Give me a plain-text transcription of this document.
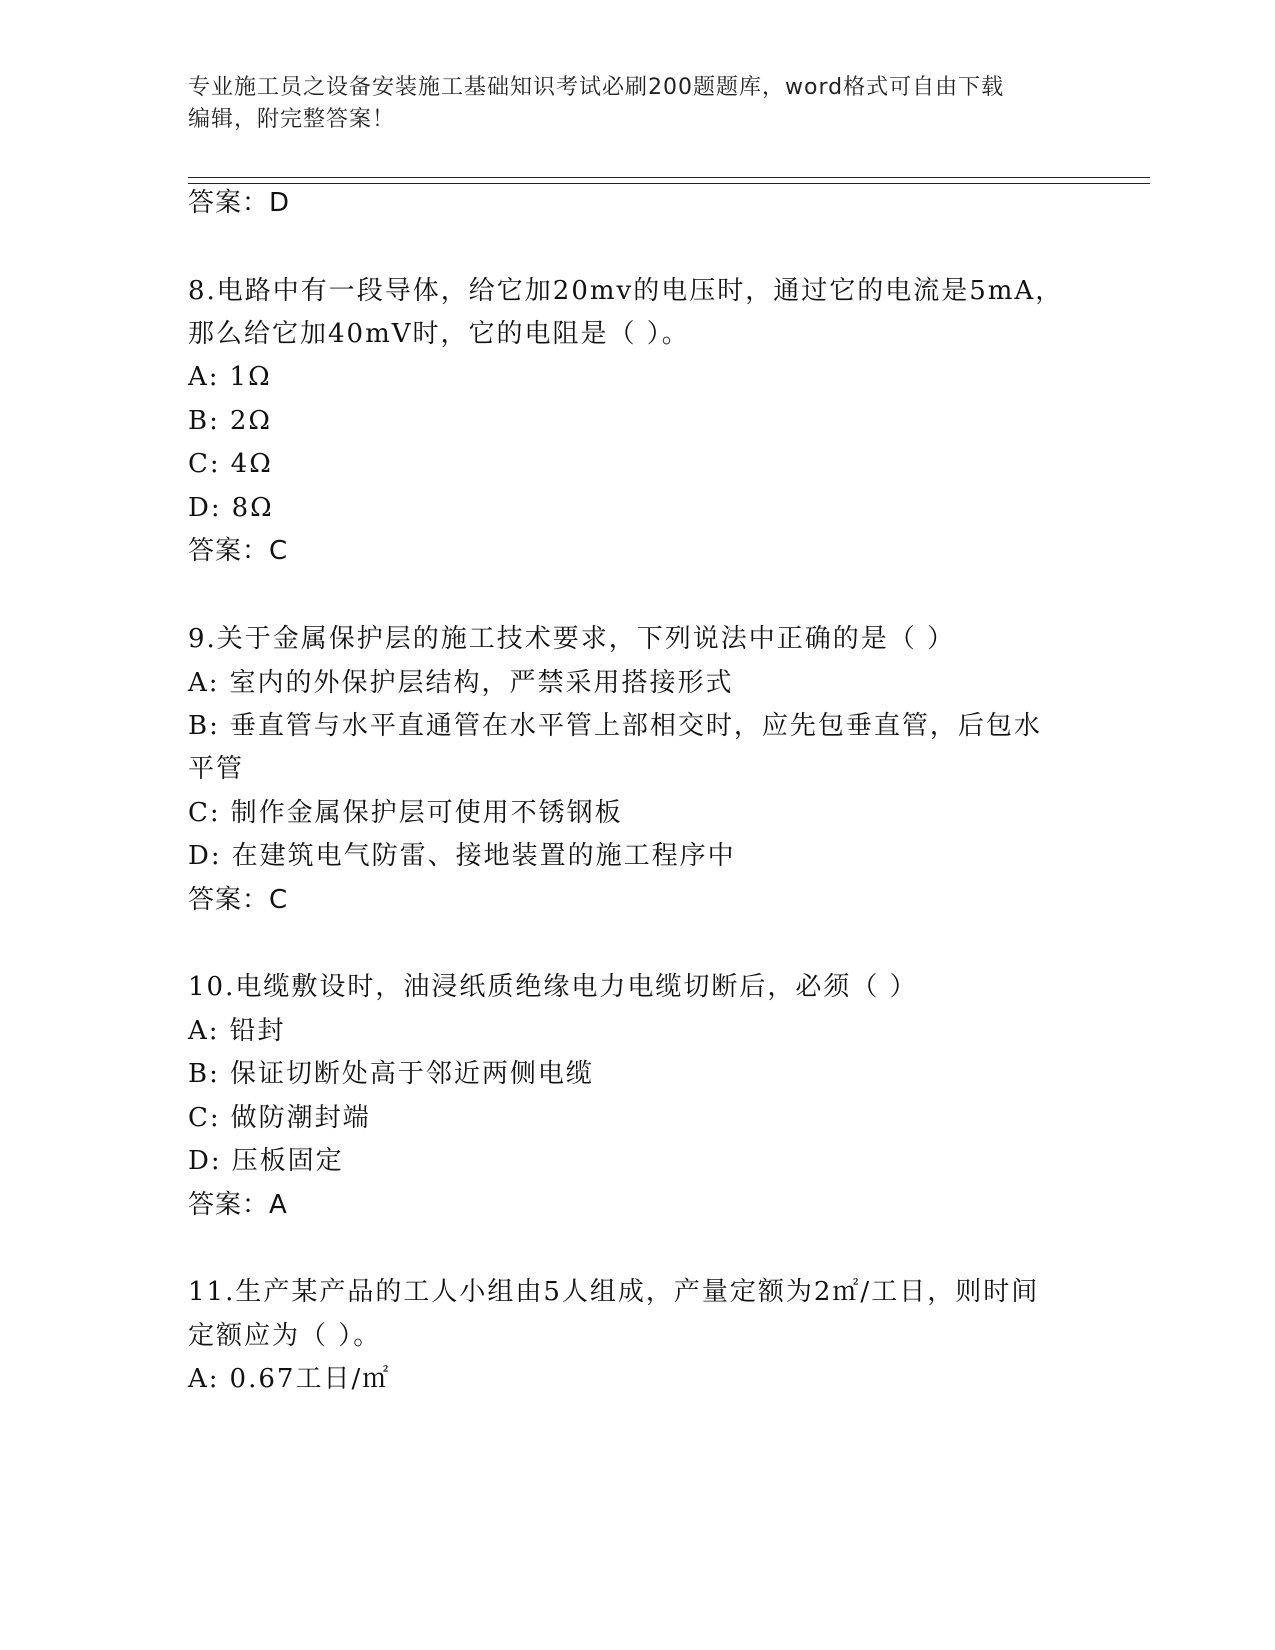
专业施工员之设备安装施工基础知识考试必刷200题题库，word格式可自由下载
编辑，附完整答案！
答案：D
8.电路中有一段导体，给它加20mv的电压时，通过它的电流是5mA，
那么给它加40mV时，它的电阻是（ ）。
A: 1Ω
B: 2Ω
C: 4Ω
D: 8Ω
答案：C
9.关于金属保护层的施工技术要求，下列说法中正确的是（ ）
A: 室内的外保护层结构，严禁采用搭接形式
B: 垂直管与水平直通管在水平管上部相交时，应先包垂直管，后包水
平管
C: 制作金属保护层可使用不锈钢板
D: 在建筑电气防雷、接地装置的施工程序中
答案：C
10.电缆敷设时，油浸纸质绝缘电力电缆切断后，必须（ ）
A: 铅封
B: 保证切断处高于邻近两侧电缆
C: 做防潮封端
D: 压板固定
答案：A
11.生产某产品的工人小组由5人组成，产量定额为2㎡/工日，则时间
定额应为（ ）。
A: 0.67工日/㎡
